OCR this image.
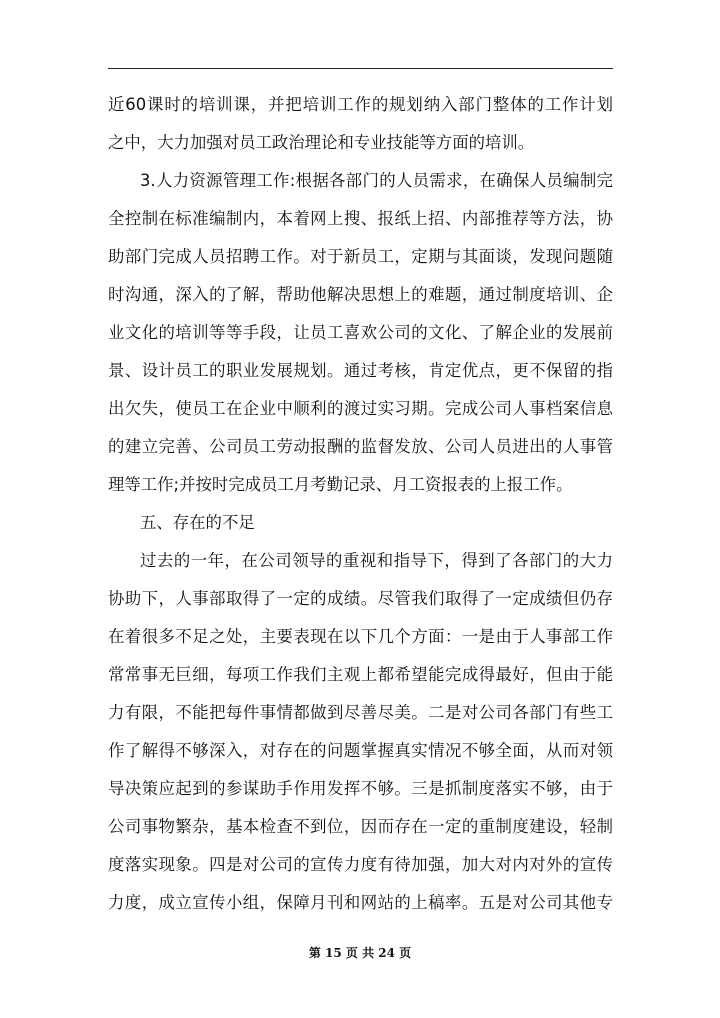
近60课时的培训课，并把培训工作的规划纳入部门整体的工作计划
之中，大力加强对员工政治理论和专业技能等方面的培训。
3.人力资源管理工作:根据各部门的人员需求，在确保人员编制完
全控制在标准编制内，本着网上搜、报纸上招、内部推荐等方法，协
助部门完成人员招聘工作。对于新员工，定期与其面谈，发现问题随
时沟通，深入的了解，帮助他解决思想上的难题，通过制度培训、企
业文化的培训等等手段，让员工喜欢公司的文化、了解企业的发展前
景、设计员工的职业发展规划。通过考核，肯定优点，更不保留的指
出欠失，使员工在企业中顺利的渡过实习期。完成公司人事档案信息
的建立完善、公司员工劳动报酬的监督发放、公司人员进出的人事管
理等工作;并按时完成员工月考勤记录、月工资报表的上报工作。
五、存在的不足
过去的一年，在公司领导的重视和指导下，得到了各部门的大力
协助下，人事部取得了一定的成绩。尽管我们取得了一定成绩但仍存
在着很多不足之处，主要表现在以下几个方面：一是由于人事部工作
常常事无巨细，每项工作我们主观上都希望能完成得最好，但由于能
力有限，不能把每件事情都做到尽善尽美。二是对公司各部门有些工
作了解得不够深入，对存在的问题掌握真实情况不够全面，从而对领
导决策应起到的参谋助手作用发挥不够。三是抓制度落实不够，由于
公司事物繁杂，基本检查不到位，因而存在一定的重制度建设，轻制
度落实现象。四是对公司的宣传力度有待加强，加大对内对外的宣传
力度，成立宣传小组，保障月刊和网站的上稿率。五是对公司其他专
第 15 页 共 24 页
